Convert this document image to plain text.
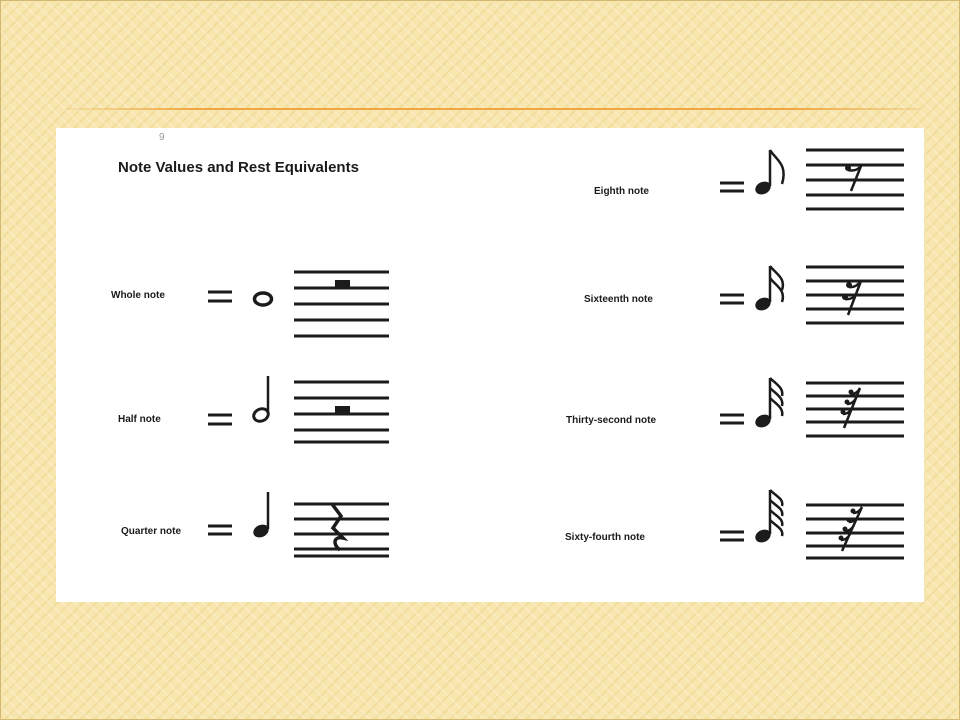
9
Note Values and Rest Equivalents
Whole note
Half note
Quarter note
Eighth note
Sixteenth note
Thirty-second note
Sixty-fourth note
